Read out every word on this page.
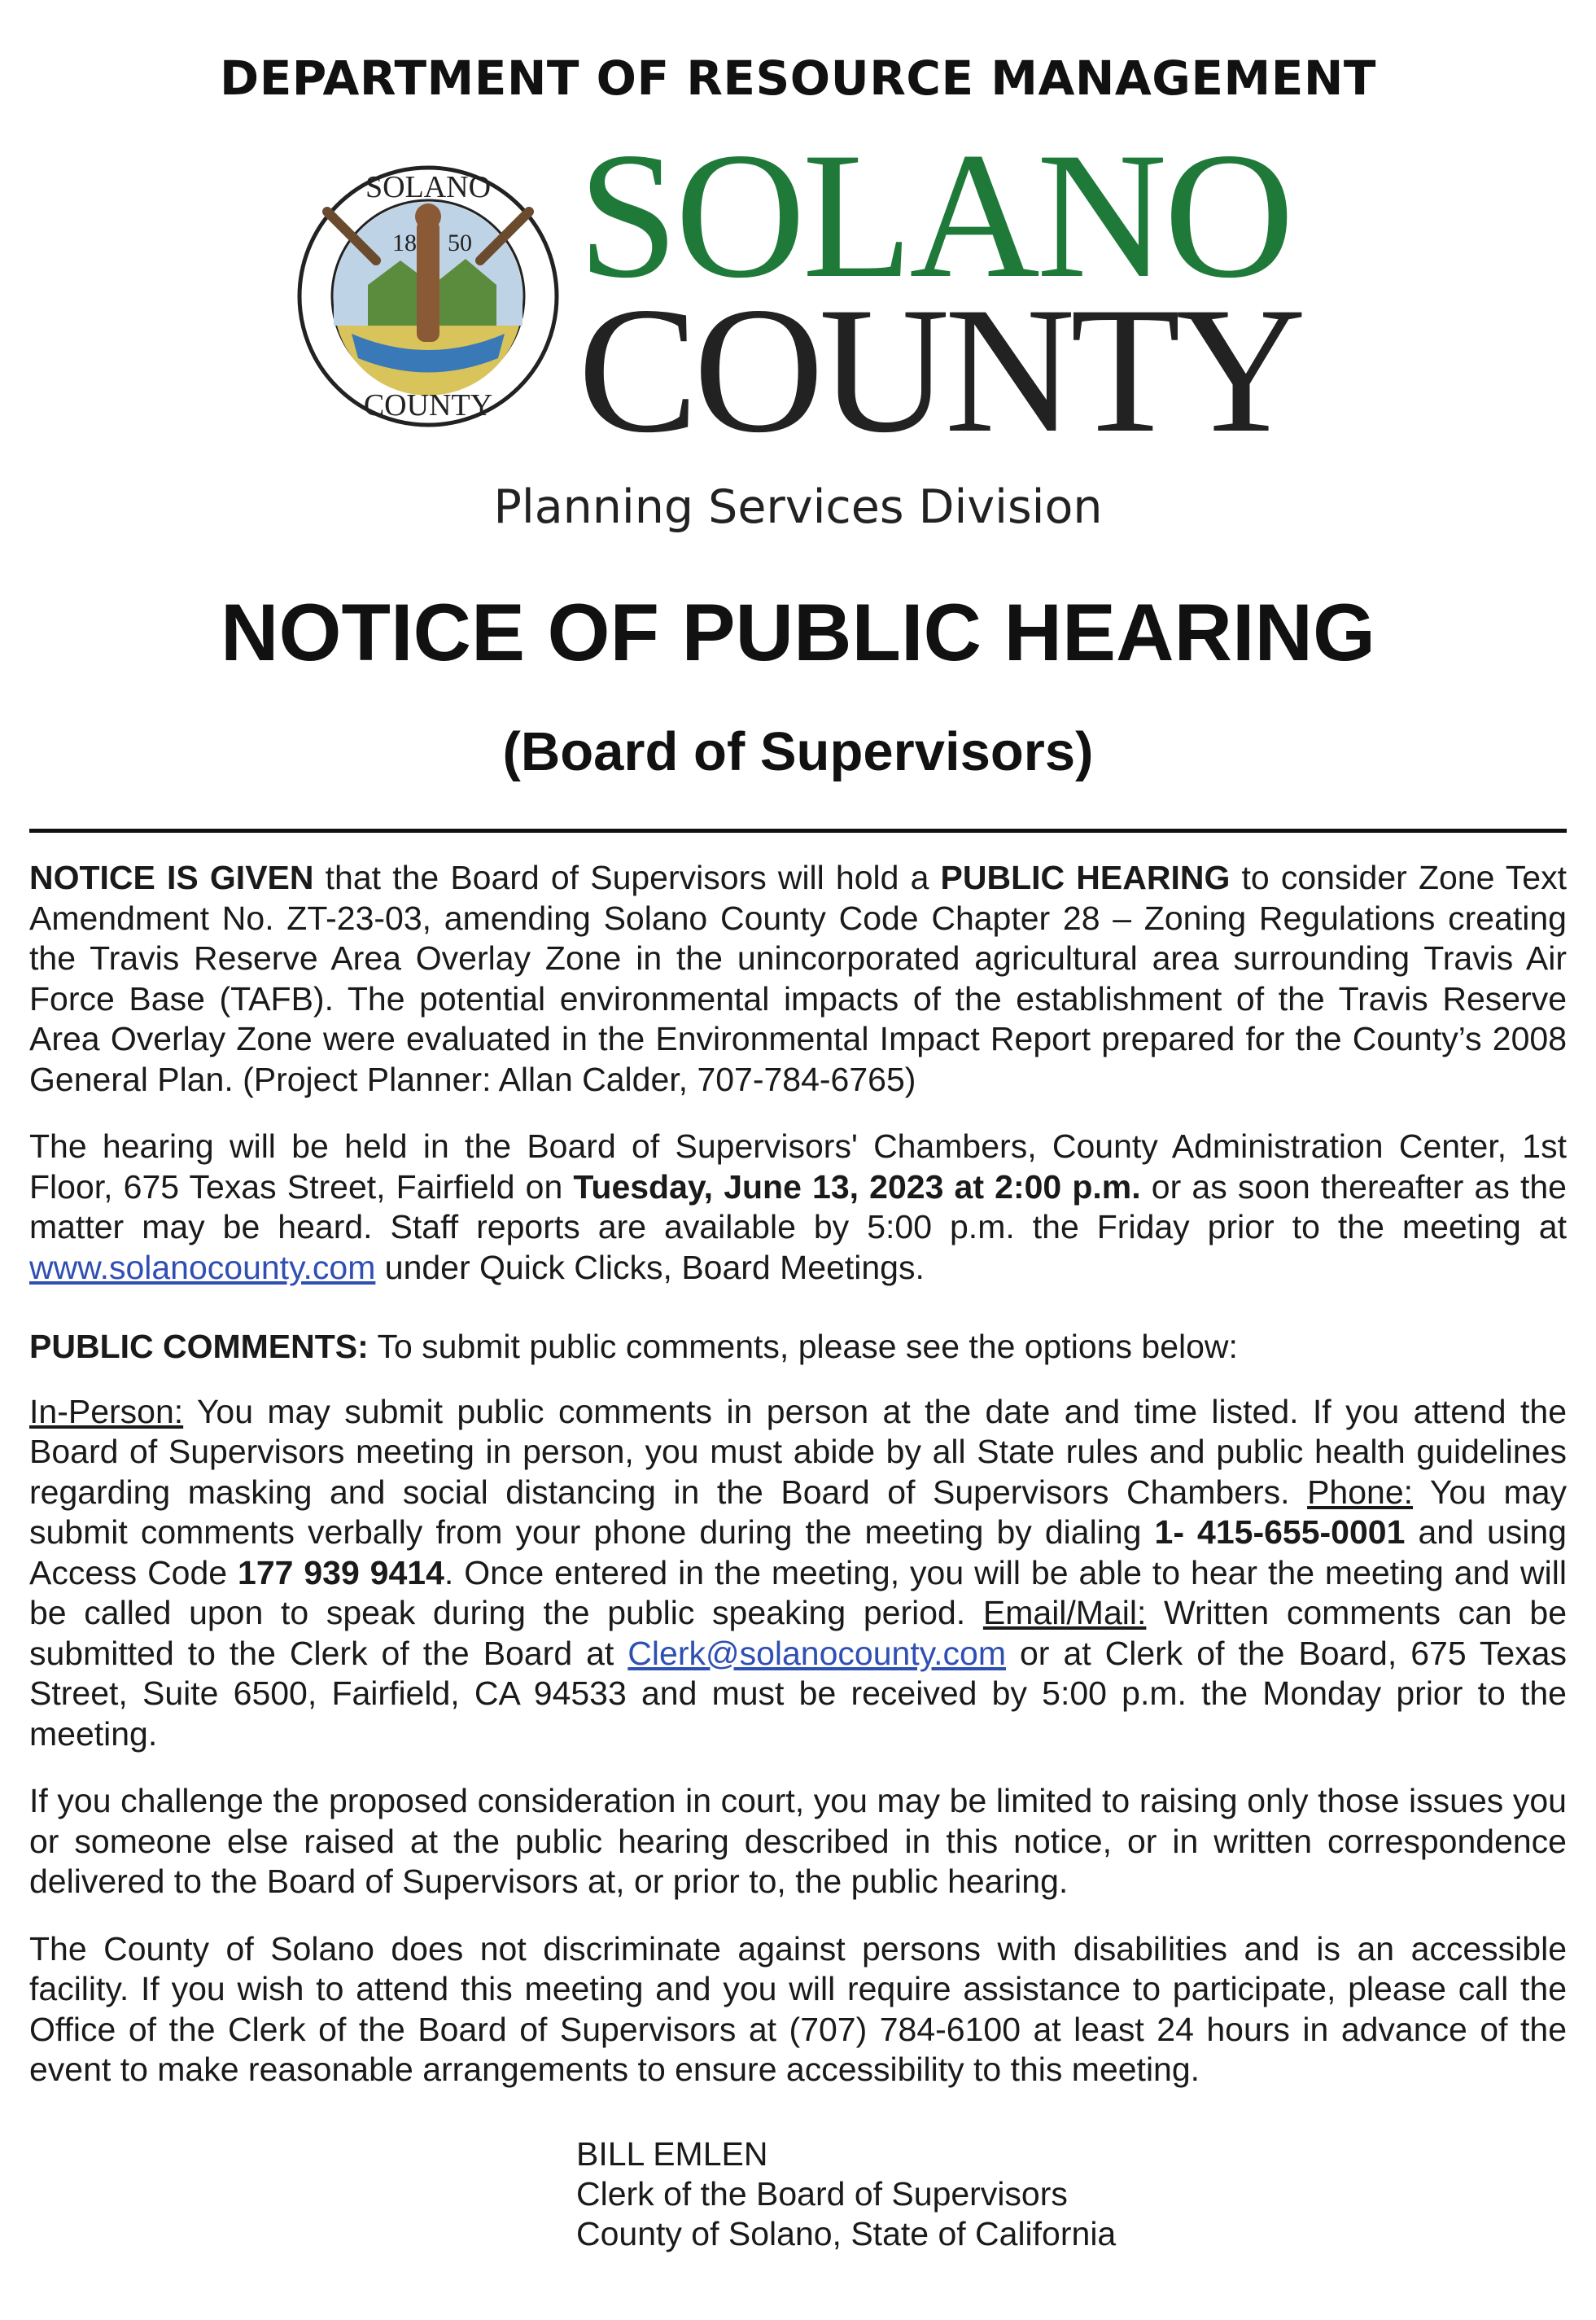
DEPARTMENT OF RESOURCE MANAGEMENT
18 50
SOLANO
COUNTY
SOLANO
COUNTY
Planning Services Division
NOTICE OF PUBLIC HEARING
(Board of Supervisors)

NOTICE IS GIVEN that the Board of Supervisors will hold a PUBLIC HEARING to consider Zone Text Amendment No. ZT-23-03, amending Solano County Code Chapter 28 – Zoning Regulations creating the Travis Reserve Area Overlay Zone in the unincorporated agricultural area surrounding Travis Air Force Base (TAFB). The potential environmental impacts of the establishment of the Travis Reserve Area Overlay Zone were evaluated in the Environmental Impact Report prepared for the County’s 2008 General Plan. (Project Planner: Allan Calder, 707-784-6765)

The hearing will be held in the Board of Supervisors' Chambers, County Administration Center, 1st Floor, 675 Texas Street, Fairfield on Tuesday, June 13, 2023 at 2:00 p.m. or as soon thereafter as the matter may be heard. Staff reports are available by 5:00 p.m. the Friday prior to the meeting at www.solanocounty.com under Quick Clicks, Board Meetings.

PUBLIC COMMENTS: To submit public comments, please see the options below:

In-Person: You may submit public comments in person at the date and time listed. If you attend the Board of Supervisors meeting in person, you must abide by all State rules and public health guidelines regarding masking and social distancing in the Board of Supervisors Chambers. Phone: You may submit comments verbally from your phone during the meeting by dialing 1- 415-655-0001 and using Access Code 177 939 9414. Once entered in the meeting, you will be able to hear the meeting and will be called upon to speak during the public speaking period. Email/Mail: Written comments can be submitted to the Clerk of the Board at Clerk@solanocounty.com or at Clerk of the Board, 675 Texas Street, Suite 6500, Fairfield, CA 94533 and must be received by 5:00 p.m. the Monday prior to the meeting.

If you challenge the proposed consideration in court, you may be limited to raising only those issues you or someone else raised at the public hearing described in this notice, or in written correspondence delivered to the Board of Supervisors at, or prior to, the public hearing.

The County of Solano does not discriminate against persons with disabilities and is an accessible facility. If you wish to attend this meeting and you will require assistance to participate, please call the Office of the Clerk of the Board of Supervisors at (707) 784-6100 at least 24 hours in advance of the event to make reasonable arrangements to ensure accessibility to this meeting.

BILL EMLEN
Clerk of the Board of Supervisors
County of Solano, State of California
